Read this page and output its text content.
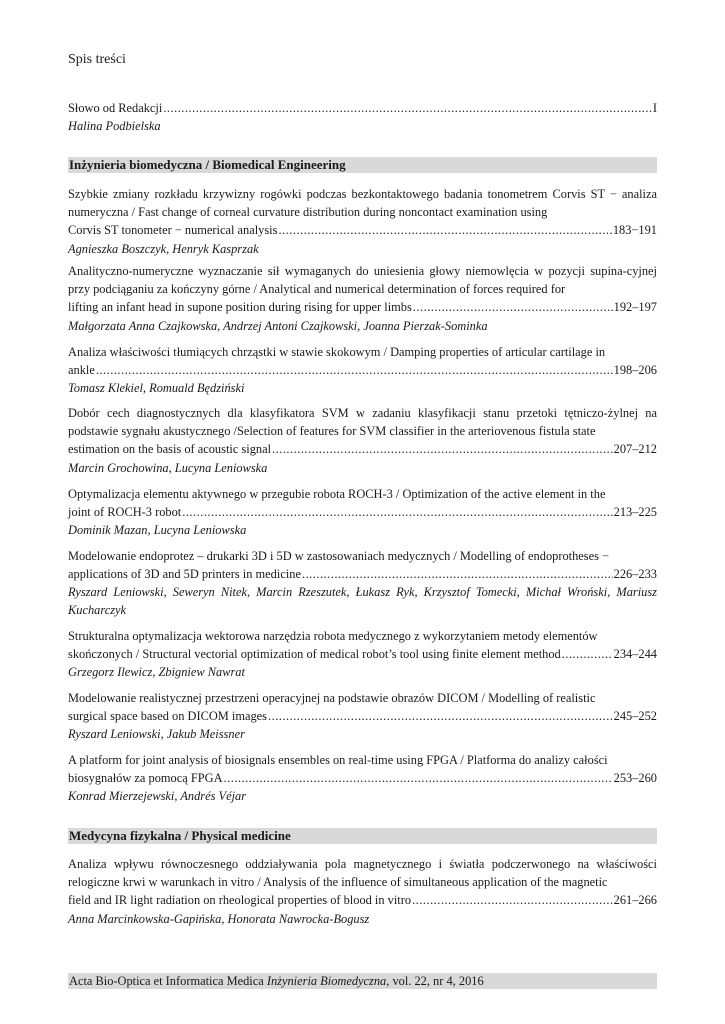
Spis treści
Słowo od Redakcji .....	I
Halina Podbielska
Inżynieria biomedyczna / Biomedical Engineering
Szybkie zmiany rozkładu krzywizny rogówki podczas bezkontaktowego badania tonometrem Corvis ST − analiza numeryczna / Fast change of corneal curvature distribution during noncontact examination using
Corvis ST tonometer − numerical analysis .....	183−191
Agnieszka Boszczyk, Henryk Kasprzak
Analityczno-numeryczne wyznaczanie sił wymaganych do uniesienia głowy niemowlęcia w pozycji supina-cyjnej przy podciąganiu za kończyny górne / Analytical and numerical determination of forces required for
lifting an infant head in supone position during rising for upper limbs .....	192–197
Małgorzata Anna Czajkowska, Andrzej Antoni Czajkowski, Joanna Pierzak-Sominka
Analiza właściwości tłumiących chrząstki w stawie skokowym / Damping properties of articular cartilage in
ankle .....	198–206
Tomasz Klekiel, Romuald Będziński
Dobór cech diagnostycznych dla klasyfikatora SVM w zadaniu klasyfikacji stanu przetoki tętniczo-żylnej na podstawie sygnału akustycznego /Selection of features for SVM classifier in the arteriovenous fistula state
estimation on the basis of acoustic signal .....	207–212
Marcin Grochowina, Lucyna Leniowska
Optymalizacja elementu aktywnego w przegubie robota ROCH-3 / Optimization of the active element in the
joint of ROCH-3 robot .....	213–225
Dominik Mazan, Lucyna Leniowska
Modelowanie endoprotez – drukarki 3D i 5D w zastosowaniach medycznych / Modelling of endoprotheses −
applications of 3D and 5D printers in medicine .....	226–233
Ryszard Leniowski, Seweryn Nitek, Marcin Rzeszutek, Łukasz Ryk, Krzysztof Tomecki, Michał Wroński, Mariusz Kucharczyk
Strukturalna optymalizacja wektorowa narzędzia robota medycznego z wykorzytaniem metody elementów
skończonych / Structural vectorial optimization of medical robot’s tool using finite element method .....	234–244
Grzegorz Ilewicz, Zbigniew Nawrat
Modelowanie realistycznej przestrzeni operacyjnej na podstawie obrazów DICOM / Modelling of realistic
surgical space based on DICOM images .....	245–252
Ryszard Leniowski, Jakub Meissner
A platform for joint analysis of biosignals ensembles on real-time using FPGA / Platforma do analizy całości
biosygnałów za pomocą FPGA .....	253–260
Konrad Mierzejewski, Andrés Véjar
Medycyna fizykalna / Physical medicine
Analiza wpływu równoczesnego oddziaływania pola magnetycznego i światła podczerwonego na właściwości relogiczne krwi w warunkach in vitro / Analysis of the influence of simultaneous application of the magnetic
field and IR light radiation on rheological properties of blood in vitro .....	261–266
Anna Marcinkowska-Gapińska, Honorata Nawrocka-Bogusz
Acta Bio-Optica et Informatica Medica Inżynieria Biomedyczna, vol. 22, nr 4, 2016
